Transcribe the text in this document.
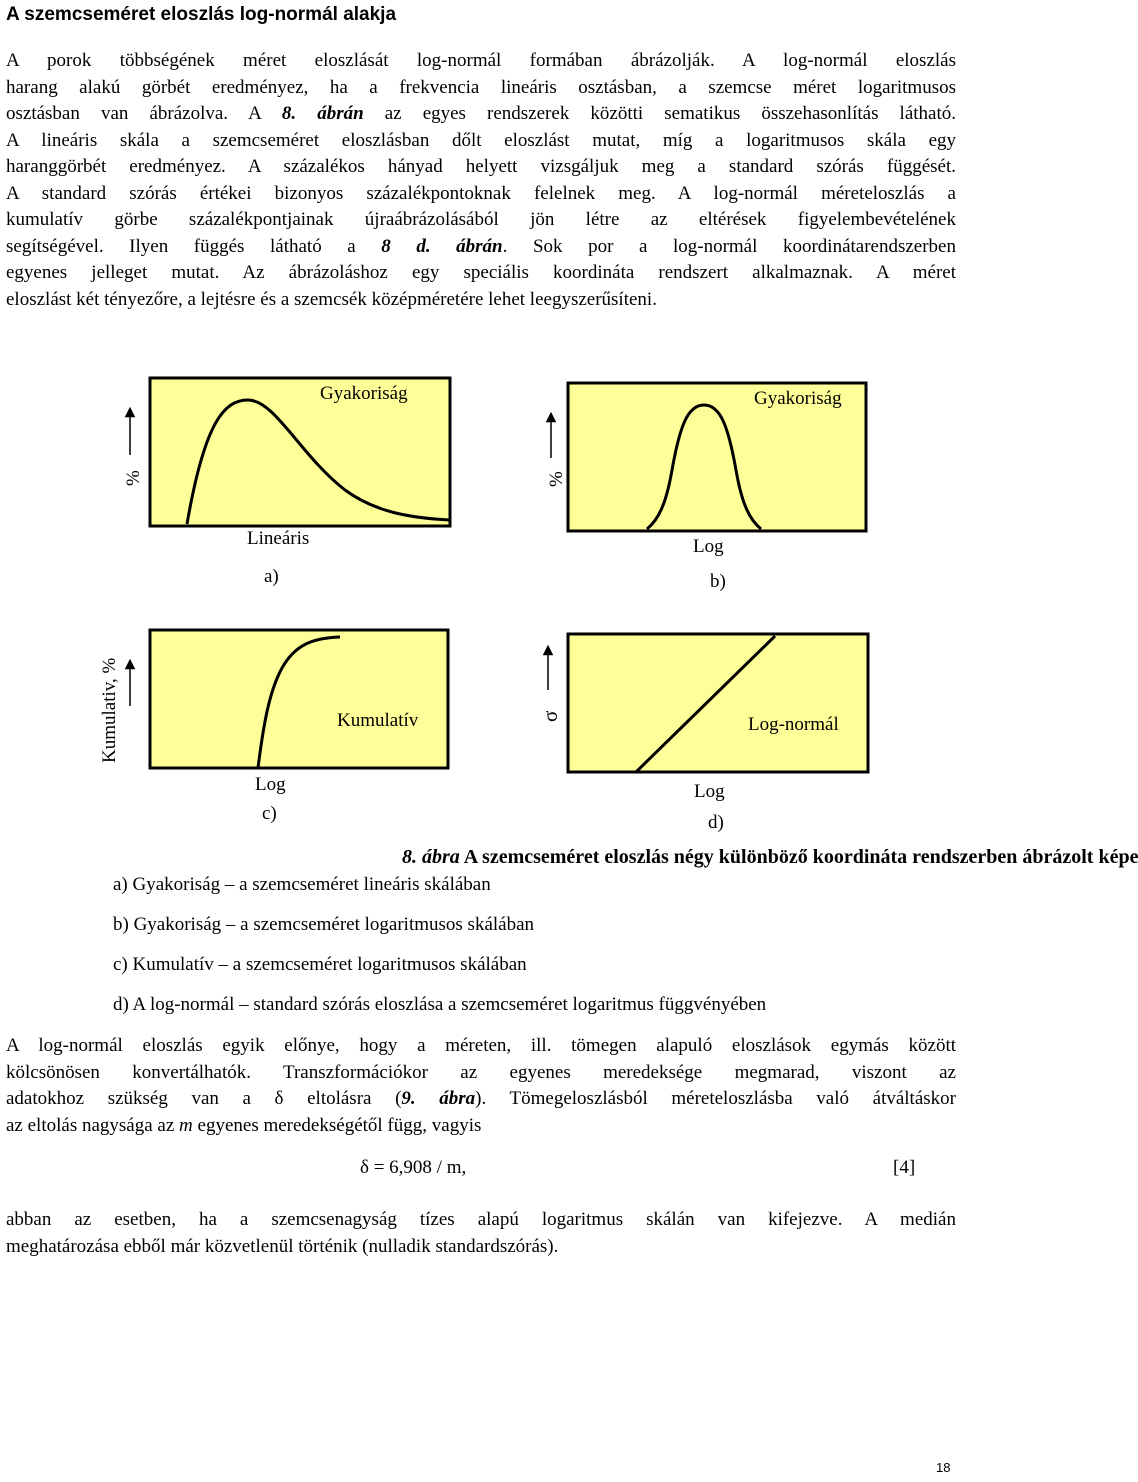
A szemcseméret eloszlás log-normál alakja
A porok többségének méret eloszlását log-normál formában ábrázolják. A log-normál eloszlás
harang alakú görbét eredményez, ha a frekvencia lineáris osztásban, a szemcse méret logaritmusos
osztásban van ábrázolva. A 8. ábrán az egyes rendszerek közötti sematikus összehasonlítás látható.
A lineáris skála a szemcseméret eloszlásban dőlt eloszlást mutat, míg a logaritmusos skála egy
haranggörbét eredményez. A százalékos hányad helyett vizsgáljuk meg a standard szórás függését.
A standard szórás értékei bizonyos százalékpontoknak felelnek meg. A log-normál méreteloszlás a
kumulatív görbe százalékpontjainak újraábrázolásából jön létre az eltérések figyelembevételének
segítségével. Ilyen függés látható a 8 d. ábrán. Sok por a log-normál koordinátarendszerben
egyenes jelleget mutat. Az ábrázoláshoz egy speciális koordináta rendszert alkalmaznak. A méret
eloszlást két tényezőre, a lejtésre és a szemcsék középméretére lehet leegyszerűsíteni.
Gyakoriság
%
Lineáris
a)
Gyakoriság
%
Log
b)
Kumulatív
Kumulativ, %
Log
c)
Log-normál
σ
Log
d)
8. ábra A szemcseméret eloszlás négy különböző koordináta rendszerben ábrázolt képe
a) Gyakoriság – a szemcseméret lineáris skálában
b) Gyakoriság – a szemcseméret logaritmusos skálában
c) Kumulatív – a szemcseméret logaritmusos skálában
d) A log-normál – standard szórás eloszlása a szemcseméret logaritmus függvényében
A log-normál eloszlás egyik előnye, hogy a méreten, ill. tömegen alapuló eloszlások egymás között
kölcsönösen konvertálhatók. Transzformációkor az egyenes meredeksége megmarad, viszont az
adatokhoz szükség van a δ eltolásra (9. ábra). Tömegeloszlásból méreteloszlásba való átváltáskor
az eltolás nagysága az m egyenes meredekségétől függ, vagyis
δ = 6,908 / m,	[4]
abban az esetben, ha a szemcsenagyság tízes alapú logaritmus skálán van kifejezve. A medián
meghatározása ebből már közvetlenül történik (nulladik standardszórás).
18
